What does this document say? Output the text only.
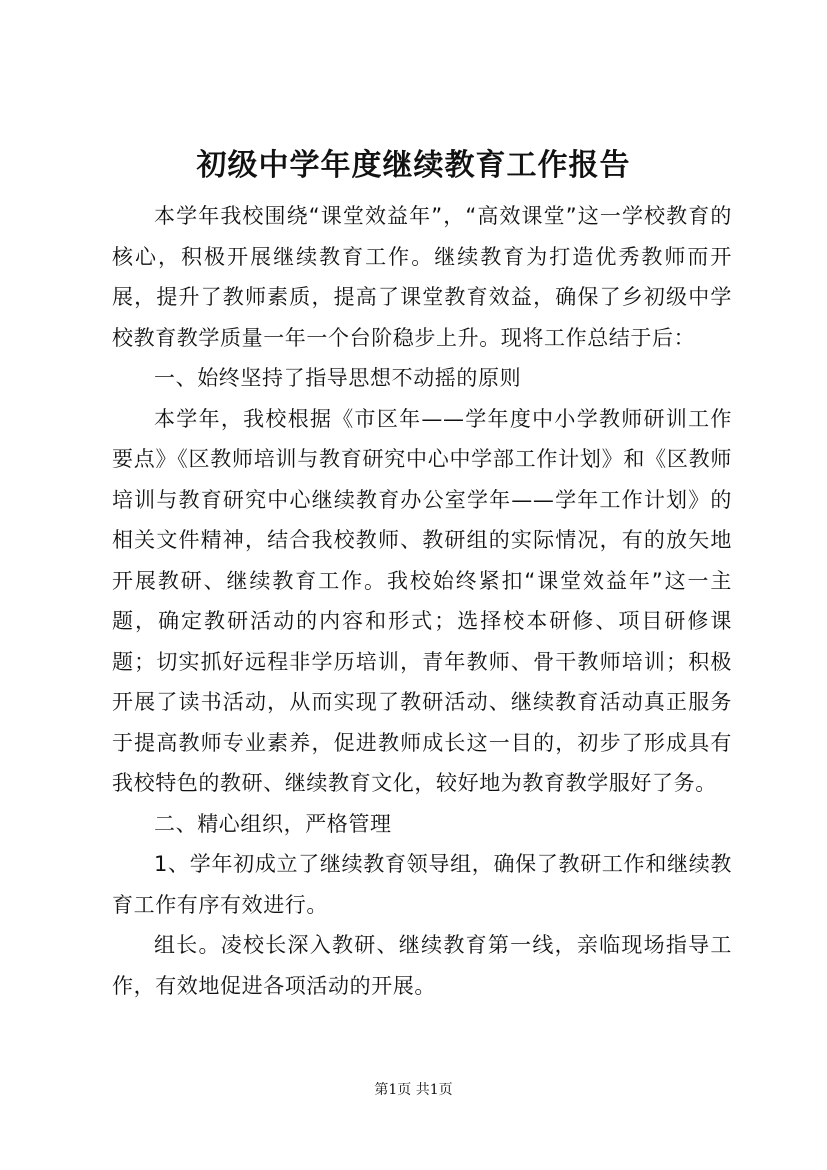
初级中学年度继续教育工作报告

本学年我校围绕“课堂效益年”，“高效课堂”这一学校教育的核心，积极开展继续教育工作。继续教育为打造优秀教师而开展，提升了教师素质，提高了课堂教育效益，确保了乡初级中学校教育教学质量一年一个台阶稳步上升。现将工作总结于后：

一、始终坚持了指导思想不动摇的原则

本学年，我校根据《市区年——学年度中小学教师研训工作要点》《区教师培训与教育研究中心中学部工作计划》和《区教师培训与教育研究中心继续教育办公室学年——学年工作计划》的相关文件精神，结合我校教师、教研组的实际情况，有的放矢地开展教研、继续教育工作。我校始终紧扣“课堂效益年”这一主题，确定教研活动的内容和形式；选择校本研修、项目研修课题；切实抓好远程非学历培训，青年教师、骨干教师培训；积极开展了读书活动，从而实现了教研活动、继续教育活动真正服务于提高教师专业素养，促进教师成长这一目的，初步了形成具有我校特色的教研、继续教育文化，较好地为教育教学服好了务。

二、精心组织，严格管理

1、学年初成立了继续教育领导组，确保了教研工作和继续教育工作有序有效进行。

组长。凌校长深入教研、继续教育第一线，亲临现场指导工作，有效地促进各项活动的开展。

第1页 共1页
